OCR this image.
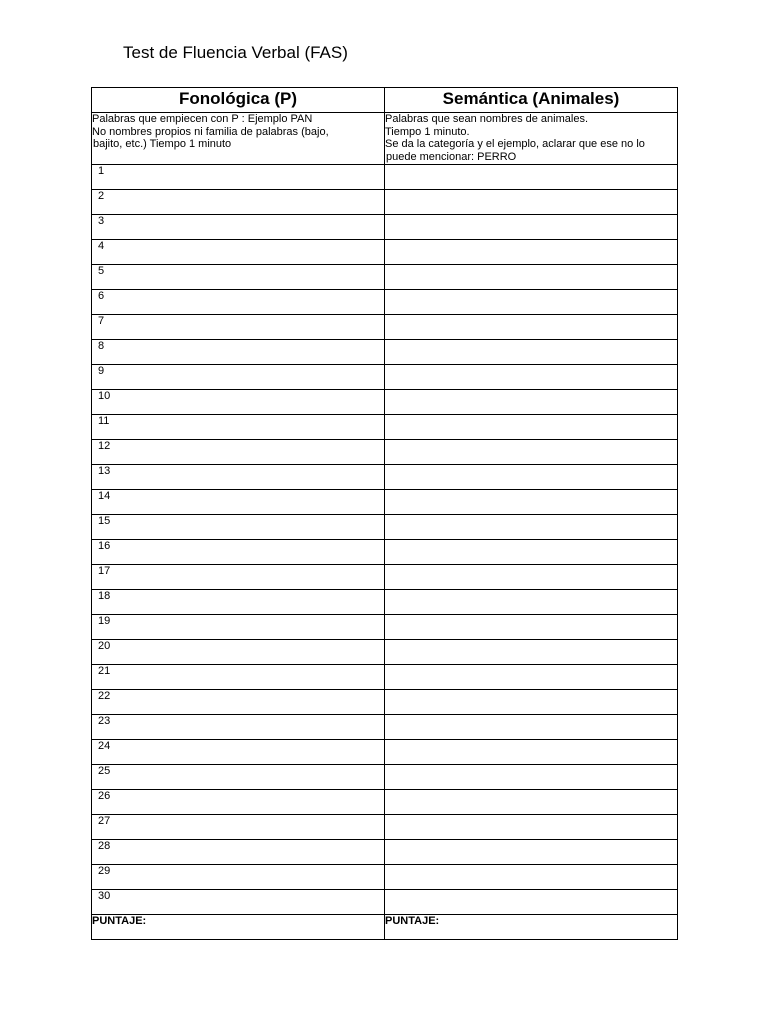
Test de Fluencia Verbal (FAS)
Fonológica (P)	Semántica (Animales)

Palabras que empiecen con P : Ejemplo PAN
No nombres propios ni familia de palabras (bajo,
bajito, etc.) Tiempo 1 minuto	Palabras que sean nombres de animales.
Tiempo 1 minuto.
Se da la categoría y el ejemplo, aclarar que ese no lo
puede mencionar: PERRO

1	

2	

3	

4	

5	

6	

7	

8	

9	

10	

11	

12	

13	

14	

15	

16	

17	

18	

19	

20	

21	

22	

23	

24	

25	

26	

27	

28	

29	

30	

PUNTAJE:	PUNTAJE:
